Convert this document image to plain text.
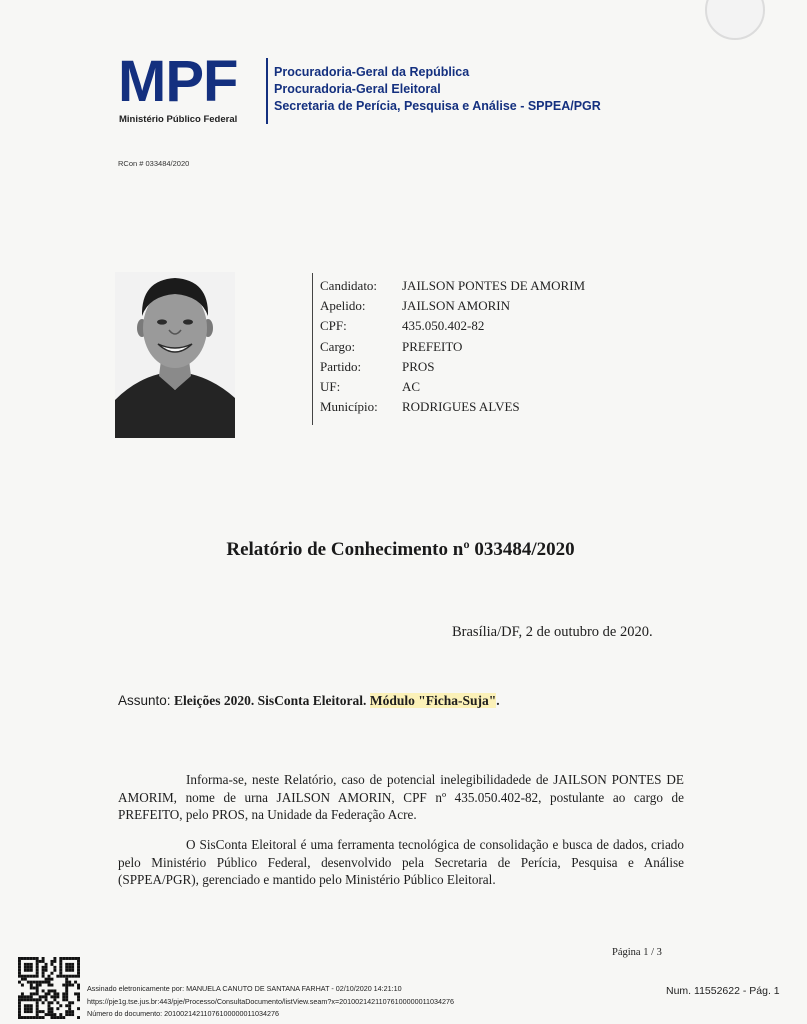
MPF
Ministério Público Federal
Procuradoria-Geral da República
Procuradoria-Geral Eleitoral
Secretaria de Perícia, Pesquisa e Análise - SPPEA/PGR
RCon # 033484/2020
Candidato:	JAILSON PONTES DE AMORIM
Apelido:	JAILSON AMORIN
CPF:	435.050.402-82
Cargo:	PREFEITO
Partido:	PROS
UF:	AC
Município:	RODRIGUES ALVES
Relatório de Conhecimento nº 033484/2020
Brasília/DF, 2 de outubro de 2020.
Assunto: Eleições 2020. SisConta Eleitoral. Módulo "Ficha-Suja".
Informa-se, neste Relatório, caso de potencial inelegibilidadede de JAILSON PONTES DE AMORIM, nome de urna JAILSON AMORIN, CPF nº 435.050.402-82, postulante ao cargo de PREFEITO, pelo PROS, na Unidade da Federação Acre.
O SisConta Eleitoral é uma ferramenta tecnológica de consolidação e busca de dados, criado pelo Ministério Público Federal, desenvolvido pela Secretaria de Perícia, Pesquisa e Análise (SPPEA/PGR), gerenciado e mantido pelo Ministério Público Eleitoral.
Página 1 / 3
Assinado eletronicamente por: MANUELA CANUTO DE SANTANA FARHAT - 02/10/2020 14:21:10
https://pje1g.tse.jus.br:443/pje/Processo/ConsultaDocumento/listView.seam?x=20100214211076100000011034276
Número do documento: 20100214211076100000011034276
Num. 11552622 - Pág. 1
